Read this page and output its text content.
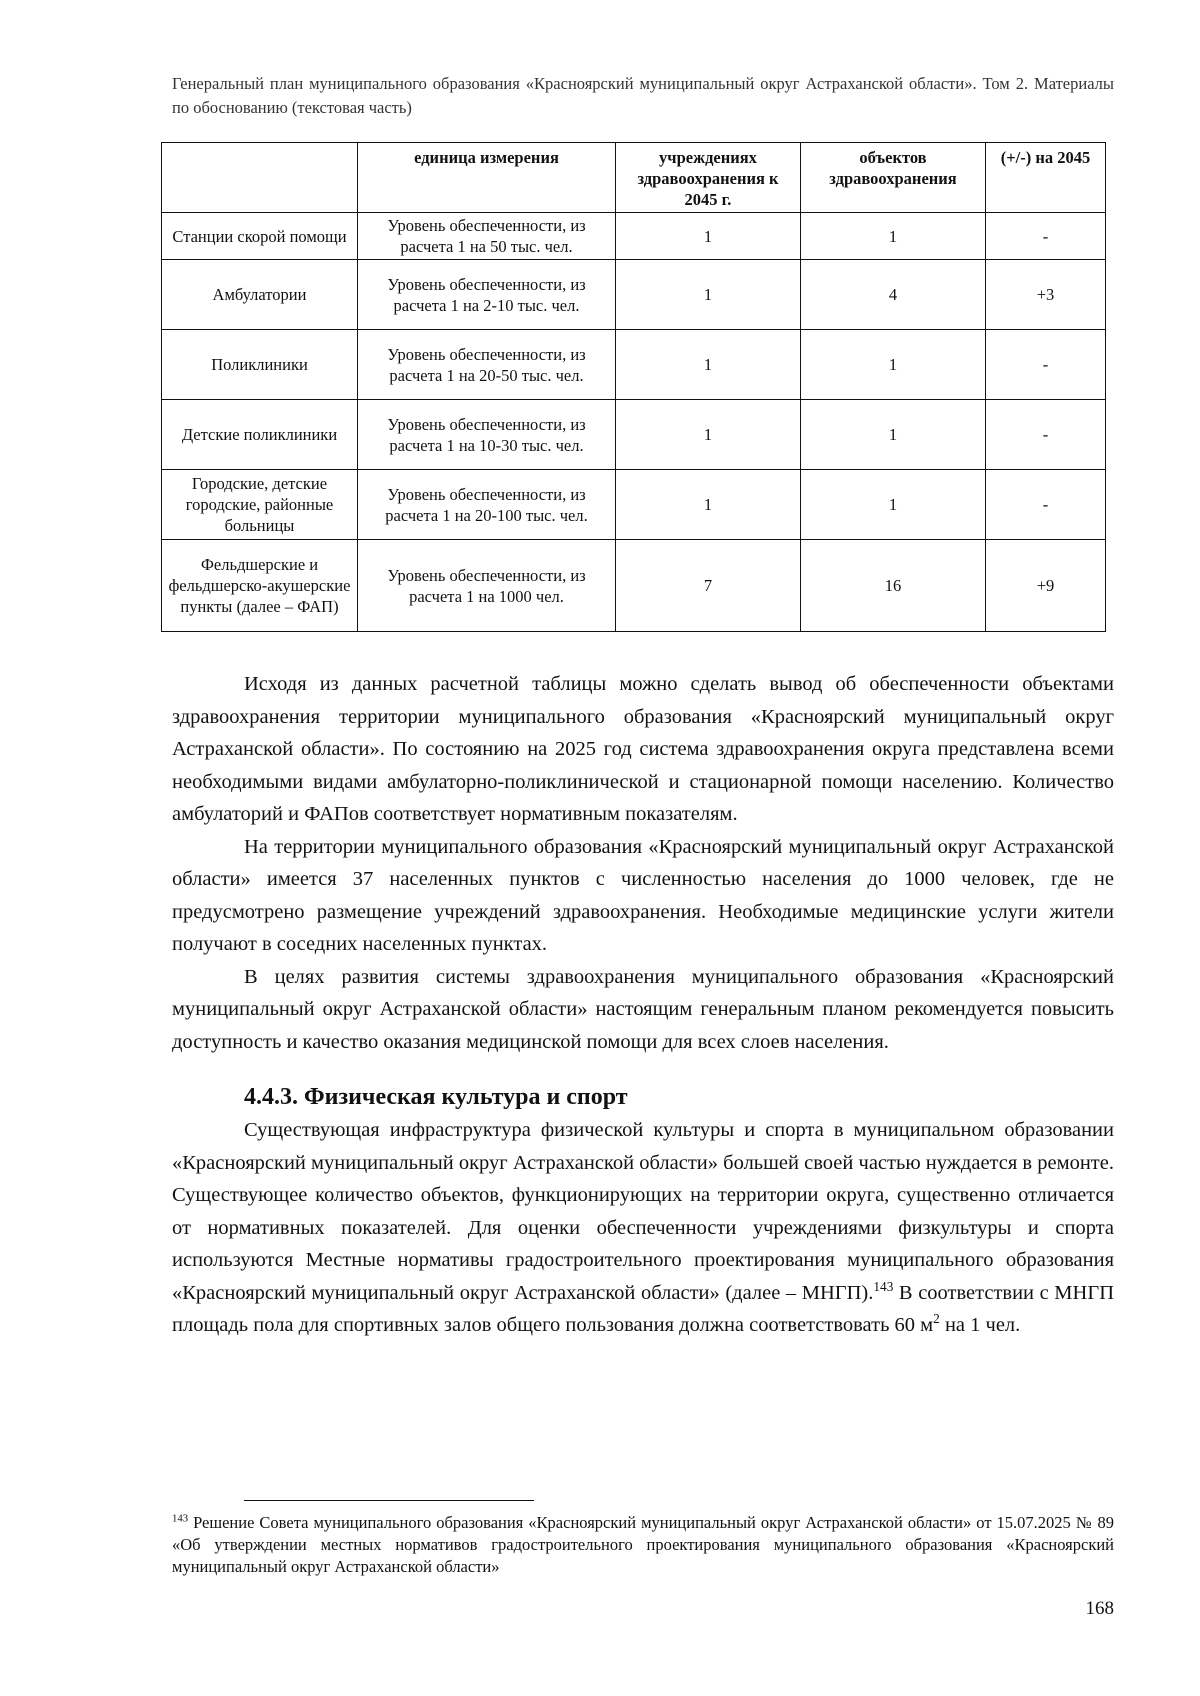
Генеральный план муниципального образования «Красноярский муниципальный округ Астраханской области». Том 2. Материалы по обоснованию (текстовая часть)
	единица измерения	учреждениях здравоохранения к 2045 г.	объектов здравоохранения	(+/-) на 2045
Станции скорой помощи	Уровень обеспеченности, из расчета 1 на 50 тыс. чел.	1	1	-
Амбулатории	Уровень обеспеченности, из расчета 1 на 2-10 тыс. чел.	1	4	+3
Поликлиники	Уровень обеспеченности, из расчета 1 на 20-50 тыс. чел.	1	1	-
Детские поликлиники	Уровень обеспеченности, из расчета 1 на 10-30 тыс. чел.	1	1	-
Городские, детские городские, районные больницы	Уровень обеспеченности, из расчета 1 на 20-100 тыс. чел.	1	1	-
Фельдшерские и фельдшерско-акушерские пункты (далее – ФАП)	Уровень обеспеченности, из расчета 1 на 1000 чел.	7	16	+9

Исходя из данных расчетной таблицы можно сделать вывод об обеспеченности объектами здравоохранения территории муниципального образования «Красноярский муниципальный округ Астраханской области». По состоянию на 2025 год система здравоохранения округа представлена всеми необходимыми видами амбулаторно-поликлинической и стационарной помощи населению. Количество амбулаторий и ФАПов соответствует нормативным показателям.

На территории муниципального образования «Красноярский муниципальный округ Астраханской области» имеется 37 населенных пунктов с численностью населения до 1000 человек, где не предусмотрено размещение учреждений здравоохранения. Необходимые медицинские услуги жители получают в соседних населенных пунктах.

В целях развития системы здравоохранения муниципального образования «Красноярский муниципальный округ Астраханской области» настоящим генеральным планом рекомендуется повысить доступность и качество оказания медицинской помощи для всех слоев населения.

4.4.3. Физическая культура и спорт

Существующая инфраструктура физической культуры и спорта в муниципальном образовании «Красноярский муниципальный округ Астраханской области» большей своей частью нуждается в ремонте. Существующее количество объектов, функционирующих на территории округа, существенно отличается от нормативных показателей. Для оценки обеспеченности учреждениями физкультуры и спорта используются Местные нормативы градостроительного проектирования муниципального образования «Красноярский муниципальный округ Астраханской области» (далее – МНГП).$^{143}$ В соответствии с МНГП площадь пола для спортивных залов общего пользования должна соответствовать 60 $м^2$ на 1 чел.

$^{143}$ Решение Совета муниципального образования «Красноярский муниципальный округ Астраханской области» от 15.07.2025 № 89 «Об утверждении местных нормативов градостроительного проектирования муниципального образования «Красноярский муниципальный округ Астраханской области»
168
